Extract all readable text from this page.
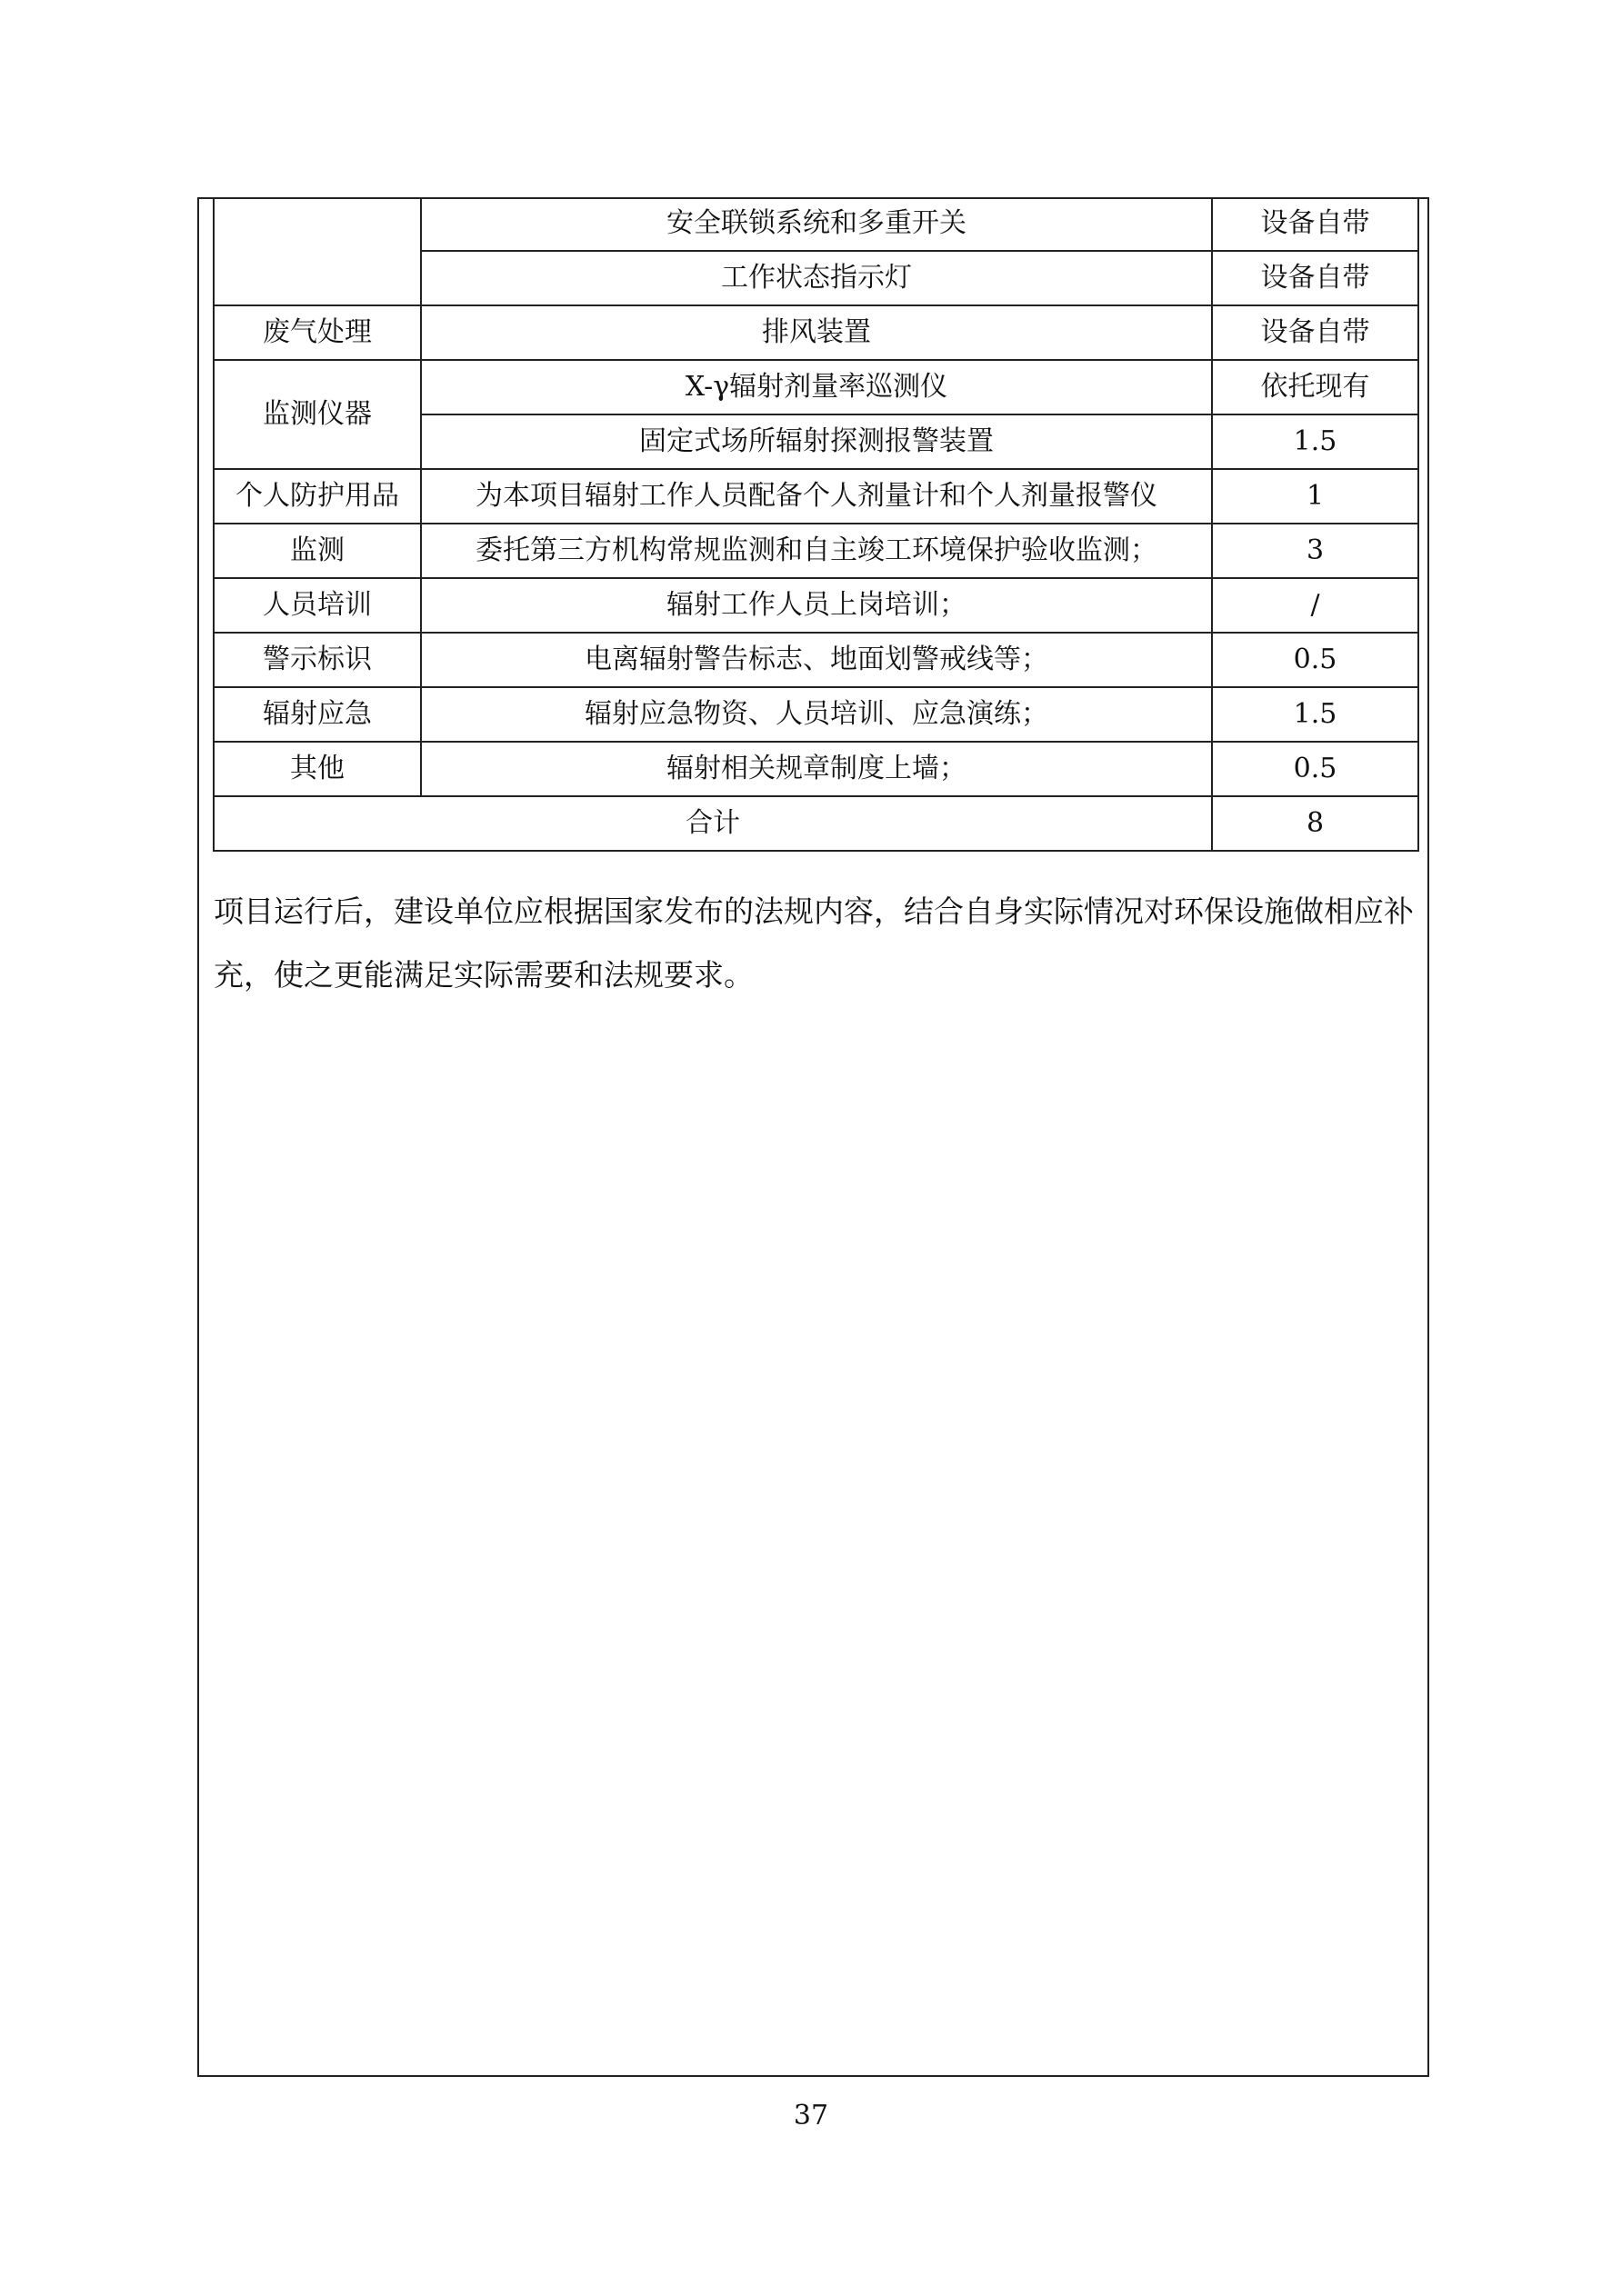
	安全联锁系统和多重开关	设备自带
	工作状态指示灯	设备自带
废气处理	排风装置	设备自带
监测仪器	X-γ辐射剂量率巡测仪	依托现有
	固定式场所辐射探测报警装置	1.5
个人防护用品	为本项目辐射工作人员配备个人剂量计和个人剂量报警仪	1
监测	委托第三方机构常规监测和自主竣工环境保护验收监测；	3
人员培训	辐射工作人员上岗培训；	/
警示标识	电离辐射警告标志、地面划警戒线等；	0.5
辐射应急	辐射应急物资、人员培训、应急演练；	1.5
其他	辐射相关规章制度上墙；	0.5
合计		8

项目运行后，建设单位应根据国家发布的法规内容，结合自身实际情况对环保设施做相应补充，使之更能满足实际需要和法规要求。

37
